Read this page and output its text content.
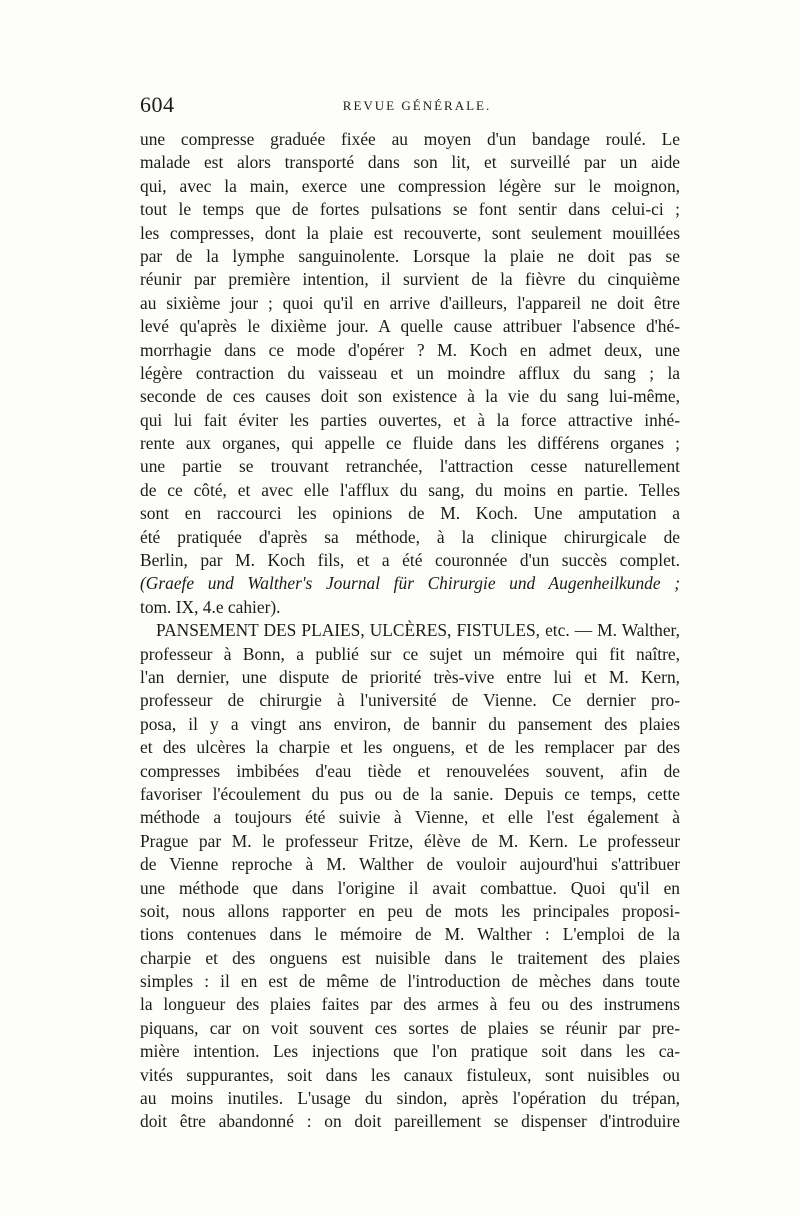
604	REVUE GÉNÉRALE.
une compresse graduée fixée au moyen d'un bandage roulé. Le
malade est alors transporté dans son lit, et surveillé par un aide
qui, avec la main, exerce une compression légère sur le moignon,
tout le temps que de fortes pulsations se font sentir dans celui-ci ;
les compresses, dont la plaie est recouverte, sont seulement mouillées
par de la lymphe sanguinolente. Lorsque la plaie ne doit pas se
réunir par première intention, il survient de la fièvre du cinquième
au sixième jour ; quoi qu'il en arrive d'ailleurs, l'appareil ne doit être
levé qu'après le dixième jour. A quelle cause attribuer l'absence d'hé-
morrhagie dans ce mode d'opérer ? M. Koch en admet deux, une
légère contraction du vaisseau et un moindre afflux du sang ; la
seconde de ces causes doit son existence à la vie du sang lui-même,
qui lui fait éviter les parties ouvertes, et à la force attractive inhé-
rente aux organes, qui appelle ce fluide dans les différens organes ;
une partie se trouvant retranchée, l'attraction cesse naturellement
de ce côté, et avec elle l'afflux du sang, du moins en partie. Telles
sont en raccourci les opinions de M. Koch. Une amputation a
été pratiquée d'après sa méthode, à la clinique chirurgicale de
Berlin, par M. Koch fils, et a été couronnée d'un succès complet.
(Graefe und Walther's Journal für Chirurgie und Augenheilkunde ;
tom. IX, 4.e cahier).
PANSEMENT DES PLAIES, ULCÈRES, FISTULES, etc. — M. Walther,
professeur à Bonn, a publié sur ce sujet un mémoire qui fit naître,
l'an dernier, une dispute de priorité très-vive entre lui et M. Kern,
professeur de chirurgie à l'université de Vienne. Ce dernier pro-
posa, il y a vingt ans environ, de bannir du pansement des plaies
et des ulcères la charpie et les onguens, et de les remplacer par des
compresses imbibées d'eau tiède et renouvelées souvent, afin de
favoriser l'écoulement du pus ou de la sanie. Depuis ce temps, cette
méthode a toujours été suivie à Vienne, et elle l'est également à
Prague par M. le professeur Fritze, élève de M. Kern. Le professeur
de Vienne reproche à M. Walther de vouloir aujourd'hui s'attribuer
une méthode que dans l'origine il avait combattue. Quoi qu'il en
soit, nous allons rapporter en peu de mots les principales proposi-
tions contenues dans le mémoire de M. Walther : L'emploi de la
charpie et des onguens est nuisible dans le traitement des plaies
simples : il en est de même de l'introduction de mèches dans toute
la longueur des plaies faites par des armes à feu ou des instrumens
piquans, car on voit souvent ces sortes de plaies se réunir par pre-
mière intention. Les injections que l'on pratique soit dans les ca-
vités suppurantes, soit dans les canaux fistuleux, sont nuisibles ou
au moins inutiles. L'usage du sindon, après l'opération du trépan,
doit être abandonné : on doit pareillement se dispenser d'introduire
